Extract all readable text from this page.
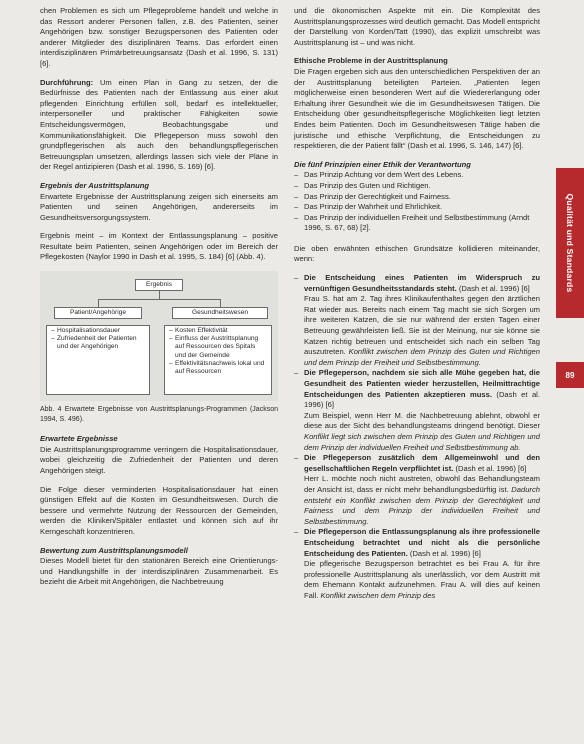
chen Problemen es sich um Pflegeprobleme handelt und welche in das Ressort anderer Personen fallen, z.B. des Patienten, seiner Angehörigen bzw. sonstiger Bezugspersonen des Patienten oder anderer Mitglieder des disziplinären Teams. Das erfordert einen interdisziplinären Primärbetreuungsansatz (Dash et al. 1996, S. 131) [6].

Durchführung: Um einen Plan in Gang zu setzen, der die Bedürfnisse des Patienten nach der Entlassung aus einer akut pflegenden Einrichtung erfüllen soll, bedarf es intellektueller, interpersoneller und praktischer Fähigkeiten sowie Entscheidungsvermögen, Beobachtungsgabe und Kommunikationsfähigkeit. Die Pflegeperson muss sowohl den grundpflegerischen als auch den behandlungspflegerischen Betreuungsplan umsetzen, allerdings lassen sich viele der Pläne in der Regel antizipieren (Dash et al. 1996, S. 169) [6].

Ergebnis der Austrittsplanung

Erwartete Ergebnisse der Austrittsplanung zeigen sich einerseits am Patienten und seinen Angehörigen, andererseits im Gesundheitsversorgungssystem.

Ergebnis meint – im Kontext der Entlassungsplanung – positive Resultate beim Patienten, seinen Angehörigen oder im Bereich der Pflegekosten (Naylor 1990 in Dash et al. 1995, S. 184) [6] (Abb. 4).

Ergebnis
Patient/Angehörige	Gesundheitswesen
– Hospitalisationsdauer
– Zufriedenheit der Patienten und der Angehörigen
– Kosten Effektivität
– Einfluss der Austrittsplanung auf Ressourcen des Spitals und der Gemeinde
– Effektivitätsnachweis lokal und auf Ressourcen

Abb. 4 Erwartete Ergebnisse von Austrittsplanungs-Programmen (Jackson 1994, S. 496).

Erwartete Ergebnisse

Die Austrittsplanungsprogramme verringern die Hospitalisationsdauer, wobei gleichzeitig die Zufriedenheit der Patienten und deren Angehörigen steigt.

Die Folge dieser verminderten Hospitalisationsdauer hat einen günstigen Effekt auf die Kosten im Gesundheitswesen. Durch die bessere und vermehrte Nutzung der Ressourcen der Gemeinden, werden die Kliniken/Spitäler entlastet und können sich auf ihr Kerngeschäft konzentrieren.

Bewertung zum Austrittsplanungsmodell

Dieses Modell bietet für den stationären Bereich eine Orientierungs- und Handlungshilfe in der interdisziplinären Zusammenarbeit. Es bezieht die Arbeit mit Angehörigen, die Nachbetreuung

und die ökonomischen Aspekte mit ein. Die Komplexität des Austrittsplanungsprozesses wird deutlich gemacht. Das Modell entspricht der Darstellung von Korden/Tatt (1990), das explizit umschreibt was Austrittsplanung ist – und was nicht.

Ethische Probleme in der Austrittsplanung

Die Fragen ergeben sich aus den unterschiedlichen Perspektiven der an der Austrittsplanung beteiligten Parteien. „Patienten legen möglicherweise einen besonderen Wert auf die Wiedererlangung oder Erhaltung ihrer Gesundheit wie die im Gesundheitswesen Tätigen. Die Entscheidung über gesundheitspflegerische Möglichkeiten liegt letzten Endes beim Patienten. Doch im Gesundheitswesen Tätige haben die juristische und ethische Verpflichtung, die Entscheidungen zu respektieren, die der Patient fällt“ (Dash et al. 1996, S. 146, 147) [6].

Die fünf Prinzipien einer Ethik der Verantwortung

– Das Prinzip Achtung vor dem Wert des Lebens.
– Das Prinzip des Guten und Richtigen.
– Das Prinzip der Gerechtigkeit und Fairness.
– Das Prinzip der Wahrheit und Ehrlichkeit.
– Das Prinzip der individuellen Freiheit und Selbstbestimmung (Arndt 1996, S. 67, 68) [2].

Die oben erwähnten ethischen Grundsätze kollidieren miteinander, wenn:

– Die Entscheidung eines Patienten im Widerspruch zu vernünftigen Gesundheitsstandards steht. (Dash et al. 1996) [6]

Frau S. hat am 2. Tag ihres Klinikaufenthaltes gegen den ärztlichen Rat wieder aus. Bereits nach einem Tag macht sie sich Sorgen um ihre weiteren Katzen, die sie nur während der ersten Tagen einer Betreuung gewährleisten ließ. Sie ist der Meinung, nur sie könne sie Katzen richtig betreuen und entscheidet sich nach ein selben Tag auszutreten. Konflikt zwischen dem Prinzip des Guten und Richtigen und dem Prinzip der Freiheit und Selbstbestimmung.

– Die Pflegeperson, nachdem sie sich alle Mühe gegeben hat, die Gesundheit des Patienten wieder herzustellen, Heilmittrachtige Entscheidungen des Patienten akzeptieren muss. (Dash et al. 1996) [6]

Zum Beispiel, wenn Herr M. die Nachbetreuung ablehnt, obwohl er diese aus der Sicht des behandlungsteams dringend benötigt. Dieser Konflikt liegt sich zwischen dem Prinzip des Guten und Richtigen und dem Prinzip der individuellen Freiheit und Selbstbestimmung ab.

– Die Pflegeperson zusätzlich dem Allgemeinwohl und den gesellschaftlichen Regeln verpflichtet ist. (Dash et al. 1996) [6]

Herr L. möchte noch nicht austreten, obwohl das Behandlungsteam der Ansicht ist, dass er nicht mehr behandlungsbedürftig ist. Dadurch entsteht ein Konflikt zwischen dem Prinzip der Gerechtigkeit und Fairness und dem Prinzip der individuellen Freiheit und Selbstbestimmung.

– Die Pflegeperson die Entlassungsplanung als ihre professionelle Entscheidung betrachtet und nicht als die persönliche Entscheidung des Patienten. (Dash et al. 1996) [6]

Die pflegerische Bezugsperson betrachtet es bei Frau A. für ihre professionelle Austrittsplanung als unerlässlich, vor dem Austritt mit dem Ehemann Kontakt aufzunehmen. Frau A. will dies auf keinen Fall. Konflikt zwischen dem Prinzip des

Qualität und Standards
89
